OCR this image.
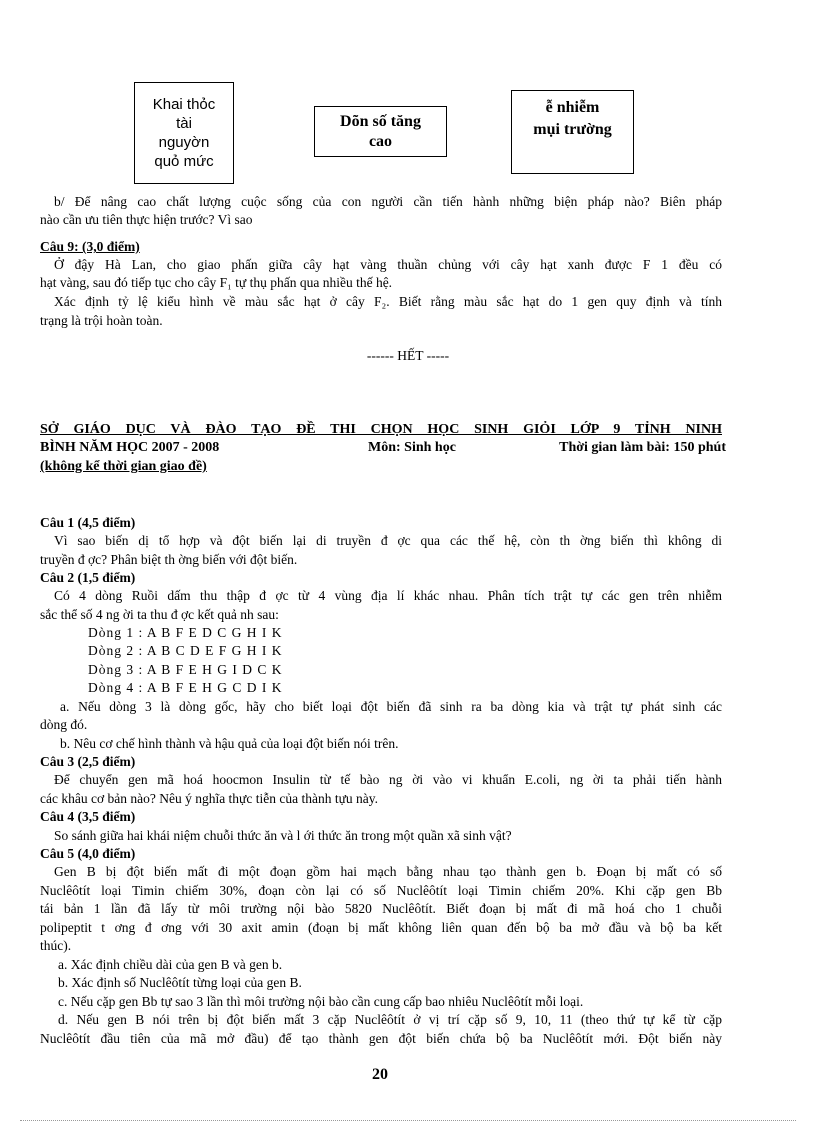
Khai thỏc
tài
nguyờn
quỏ mức
Dõn số tăng
cao
ễ nhiễm
mụi trường
b/ Để nâng cao chất lượng cuộc sống của con người cần tiến hành những biện pháp nào? Biên pháp
nào cần ưu tiên thực hiện trước? Vì sao
Câu 9: (3,0 điểm)
Ở đậy Hà Lan, cho giao phấn giữa cây hạt vàng thuần chủng với cây hạt xanh được F 1 đều có
hạt vàng, sau đó tiếp tục cho cây F₁ tự thụ phấn qua nhiều thế hệ.
Xác định tỷ lệ kiểu hình về màu sắc hạt ở cây F₂. Biết rằng màu sắc hạt do 1 gen quy định và tính
trạng là trội hoàn toàn.
------ HẾT -----
SỞ GIÁO DỤC VÀ ĐÀO TẠO ĐỀ THI CHỌN HỌC SINH GIỎI LỚP 9 TỈNH NINH
BÌNH NĂM HỌC 2007 - 2008	Môn: Sinh học	Thời gian làm bài: 150 phút
(không kể thời gian giao đề)
Câu 1 (4,5 điểm)
Vì sao biến dị tổ hợp và đột biến lại di truyền đ ợc qua các thế hệ, còn th ờng biến thì không di
truyền đ ợc? Phân biệt th ờng biến với đột biến.
Câu 2 (1,5 điểm)
Có 4 dòng Ruồi dấm thu thập đ ợc từ 4 vùng địa lí khác nhau. Phân tích trật tự các gen trên nhiễm
sắc thể số 4 ng ời ta thu đ ợc kết quả nh sau:
Dòng 1 : A B F E D C G H I K
Dòng 2 : A B C D E F G H I K
Dòng 3 : A B F E H G I D C K
Dòng 4 : A B F E H G C D I K
a. Nếu dòng 3 là dòng gốc, hãy cho biết loại đột biến đã sinh ra ba dòng kia và trật tự phát sinh các
dòng đó.
b. Nêu cơ chế hình thành và hậu quả của loại đột biến nói trên.
Câu 3 (2,5 điểm)
Để chuyển gen mã hoá hoocmon Insulin từ tế bào ng ời vào vi khuẩn E.coli, ng ời ta phải tiến hành
các khâu cơ bản nào? Nêu ý nghĩa thực tiễn của thành tựu này.
Câu 4 (3,5 điểm)
So sánh giữa hai khái niệm chuỗi thức ăn và l ới thức ăn trong một quần xã sinh vật?
Câu 5 (4,0 điểm)
Gen B bị đột biến mất đi một đoạn gồm hai mạch bằng nhau tạo thành gen b. Đoạn bị mất có số
Nuclêôtít loại Timin chiếm 30%, đoạn còn lại có số Nuclêôtít loại Timin chiếm 20%. Khi cặp gen Bb
tái bản 1 lần đã lấy từ môi trường nội bào 5820 Nuclêôtít. Biết đoạn bị mất đi mã hoá cho 1 chuỗi
polipeptit t ơng đ ơng với 30 axit amin (đoạn bị mất không liên quan đến bộ ba mở đầu và bộ ba kết
thúc).
a. Xác định chiều dài của gen B và gen b.
b. Xác định số Nuclêôtít từng loại của gen B.
c. Nếu cặp gen Bb tự sao 3 lần thì môi trường nội bào cần cung cấp bao nhiêu Nuclêôtít mỗi loại.
d. Nếu gen B nói trên bị đột biến mất 3 cặp Nuclêôtít ở vị trí cặp số 9, 10, 11 (theo thứ tự kể từ cặp
Nuclêôtít đầu tiên của mã mở đầu) để tạo thành gen đột biến chứa bộ ba Nuclêôtít mới. Đột biến này
20
